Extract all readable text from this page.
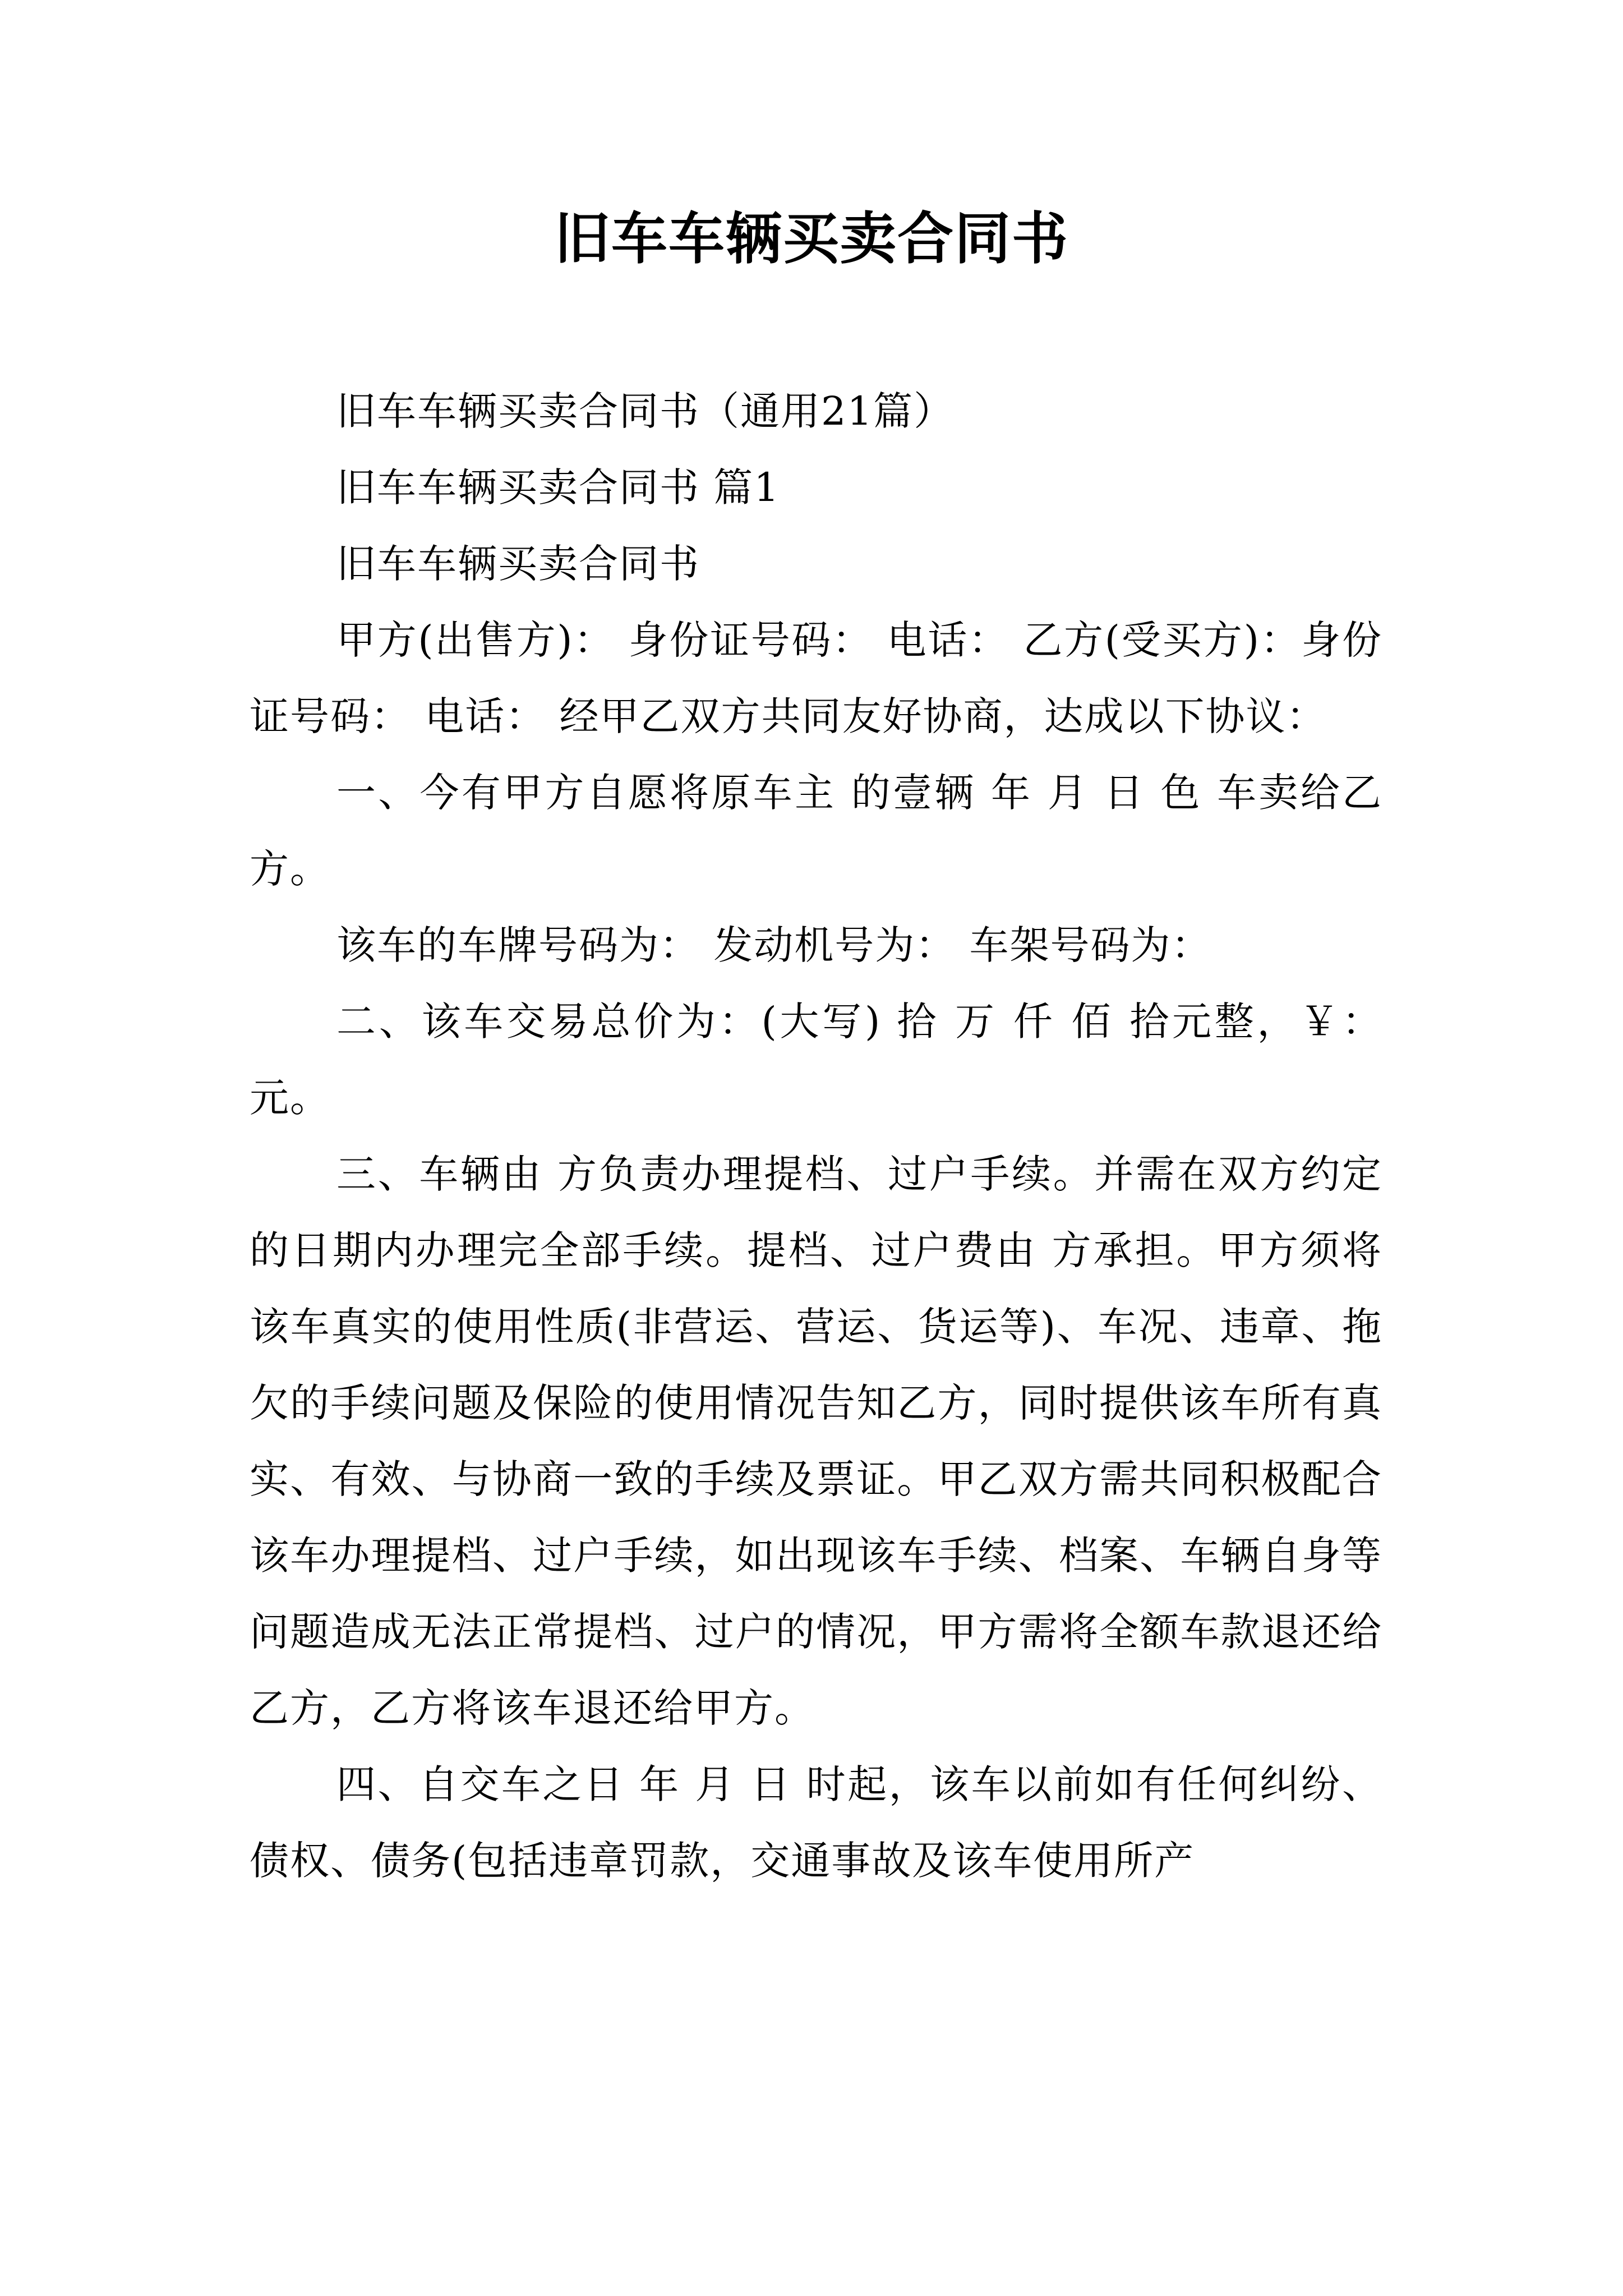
旧车车辆买卖合同书

旧车车辆买卖合同书（通用21篇）

旧车车辆买卖合同书 篇1

旧车车辆买卖合同书

甲方(出售方)： 身份证号码： 电话： 乙方(受买方)：身份证号码： 电话： 经甲乙双方共同友好协商，达成以下协议：

一、今有甲方自愿将原车主 的壹辆 年 月 日 色 车卖给乙方。

该车的车牌号码为： 发动机号为： 车架号码为：

二、该车交易总价为：(大写) 拾 万 仟 佰 拾元整，￥： 元。

三、车辆由 方负责办理提档、过户手续。并需在双方约定的日期内办理完全部手续。提档、过户费由 方承担。甲方须将该车真实的使用性质(非营运、营运、货运等)、车况、违章、拖欠的手续问题及保险的使用情况告知乙方，同时提供该车所有真实、有效、与协商一致的手续及票证。甲乙双方需共同积极配合该车办理提档、过户手续，如出现该车手续、档案、车辆自身等问题造成无法正常提档、过户的情况，甲方需将全额车款退还给乙方，乙方将该车退还给甲方。

四、自交车之日 年 月 日 时起，该车以前如有任何纠纷、债权、债务(包括违章罚款，交通事故及该车使用所产
